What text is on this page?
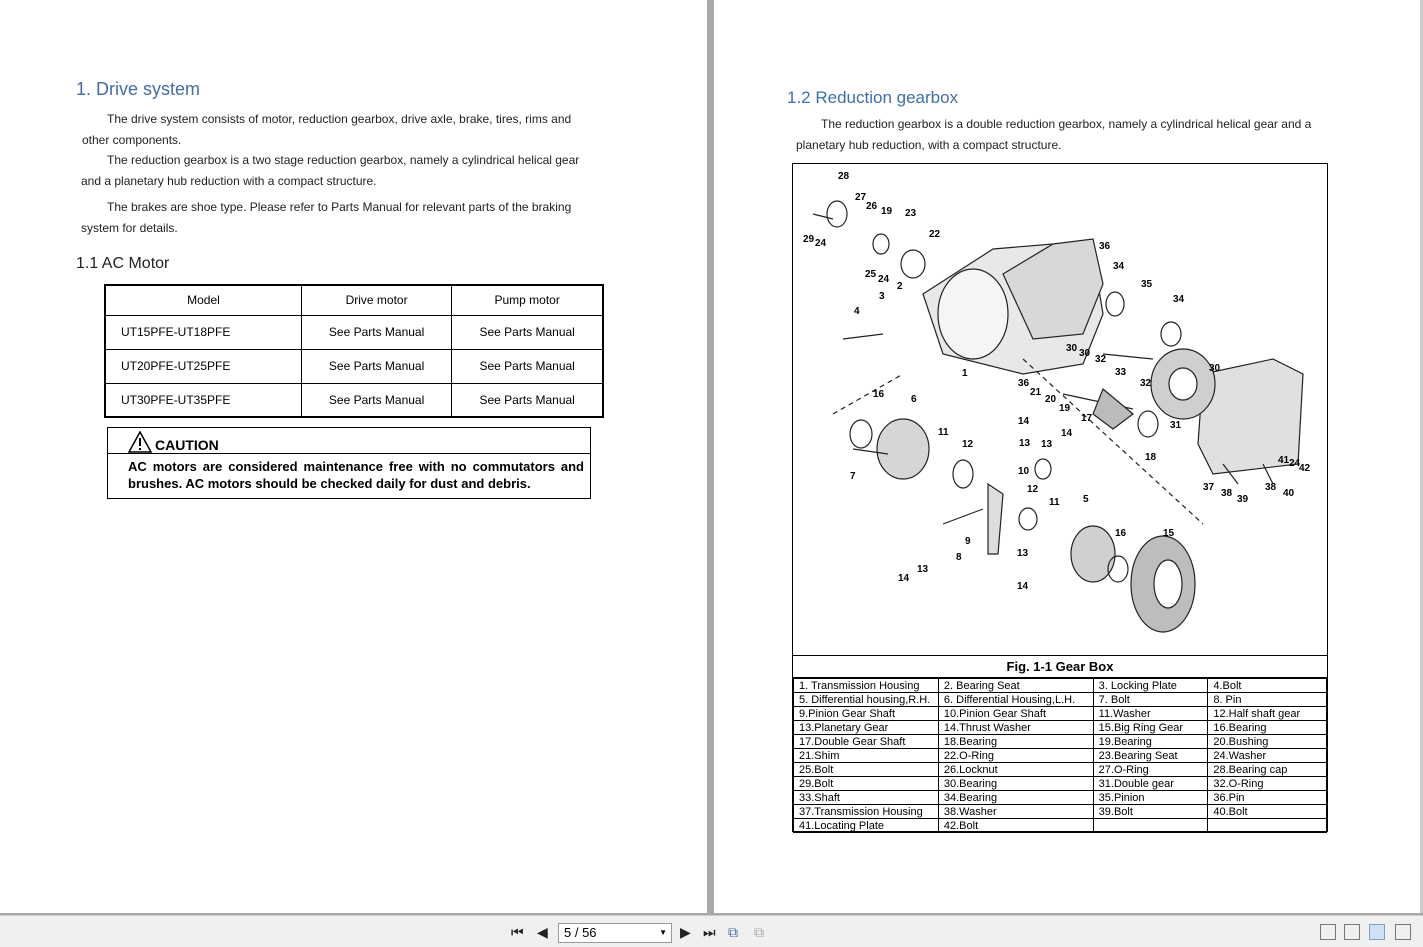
1. Drive system
The drive system consists of motor, reduction gearbox, drive axle, brake, tires, rims and
other components.
The reduction gearbox is a two stage reduction gearbox, namely a cylindrical helical gear
and a planetary hub reduction with a compact structure.
The brakes are shoe type. Please refer to Parts Manual for relevant parts of the braking
system for details.
1.1 AC Motor
Model	Drive motor	Pump motor
UT15PFE-UT18PFE	See Parts Manual	See Parts Manual
UT20PFE-UT25PFE	See Parts Manual	See Parts Manual
UT30PFE-UT35PFE	See Parts Manual	See Parts Manual
CAUTION
AC motors are considered maintenance free with no commutators and brushes. AC motors should be checked daily for dust and debris.
1.2 Reduction gearbox
The reduction gearbox is a double reduction gearbox, namely a cylindrical helical gear and a
planetary hub reduction, with a compact structure.
28
27
26 19 23
22
29 24
25 24
3
2
4
1
36
34
35
34
30 30
32
33
32
31
30
36
21
20
19
17
18
16	6
14
13
11
12	13
14
10
12
11 5
16	15
9
8
13
14
7
14
13
41 24
42
37
38
39
38
40
Fig. 1-1 Gear Box
1. Transmission Housing	2. Bearing Seat	3. Locking Plate	4.Bolt
5. Differential housing,R.H.	6. Differential Housing,L.H.	7. Bolt	8. Pin
9.Pinion Gear Shaft	10.Pinion Gear Shaft	11.Washer	12.Half shaft gear
13.Planetary Gear	14.Thrust Washer	15.Big Ring Gear	16.Bearing
17.Double Gear Shaft	18.Bearing	19.Bearing	20.Bushing
21.Shim	22.O-Ring	23.Bearing Seat	24.Washer
25.Bolt	26.Locknut	27.O-Ring	28.Bearing cap
29.Bolt	30.Bearing	31.Double gear	32.O-Ring
33.Shaft	34.Bearing	35.Pinion	36.Pin
37.Transmission Housing	38.Washer	39.Bolt	40.Bolt
41.Locating Plate	42.Bolt		
⏮ ◀	5 / 56	▼ ▶ ⏭ ⧉ ⧉
